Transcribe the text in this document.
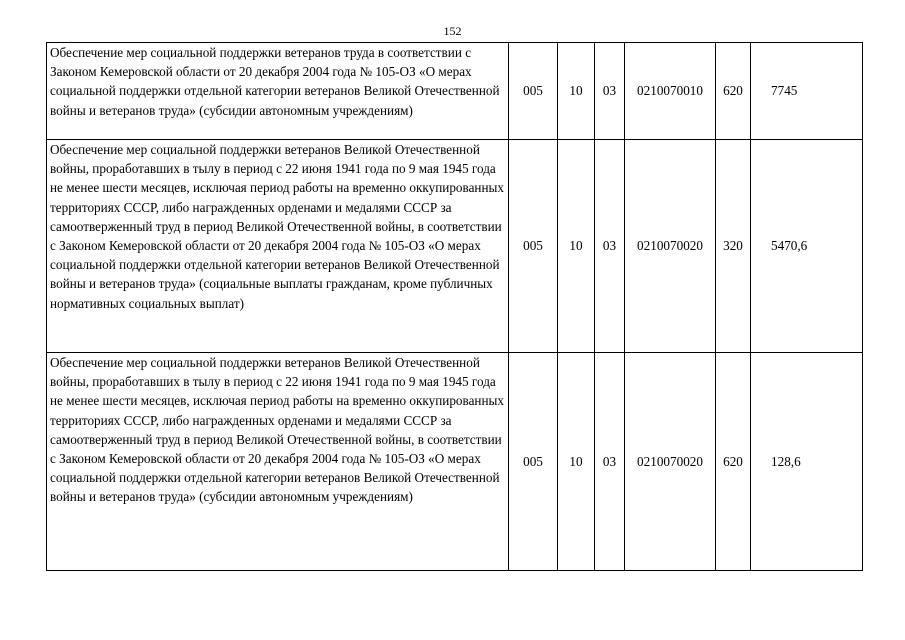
152
Обеспечение мер социальной поддержки ветеранов труда в соответствии с Законом Кемеровской области от 20 декабря 2004 года № 105-ОЗ «О мерах социальной поддержки отдельной категории ветеранов Великой Отечественной войны и ветеранов труда» (субсидии автономным учреждениям)	005	10	03	0210070010	620	7745
Обеспечение мер социальной поддержки ветеранов Великой Отечественной войны, проработавших в тылу в период с 22 июня 1941 года по 9 мая 1945 года не менее шести месяцев, исключая период работы на временно оккупированных территориях СССР, либо награжденных орденами и медалями СССР за самоотверженный труд в период Великой Отечественной войны, в соответствии с Законом Кемеровской области от 20 декабря 2004 года № 105-ОЗ «О мерах социальной поддержки отдельной категории ветеранов Великой Отечественной войны и ветеранов труда» (социальные выплаты гражданам, кроме публичных нормативных социальных выплат)	005	10	03	0210070020	320	5470,6
Обеспечение мер социальной поддержки ветеранов Великой Отечественной войны, проработавших в тылу в период с 22 июня 1941 года по 9 мая 1945 года не менее шести месяцев, исключая период работы на временно оккупированных территориях СССР, либо награжденных орденами и медалями СССР за самоотверженный труд в период Великой Отечественной войны, в соответствии с Законом Кемеровской области от 20 декабря 2004 года № 105-ОЗ «О мерах социальной поддержки отдельной категории ветеранов Великой Отечественной войны и ветеранов труда» (субсидии автономным учреждениям)	005	10	03	0210070020	620	128,6
